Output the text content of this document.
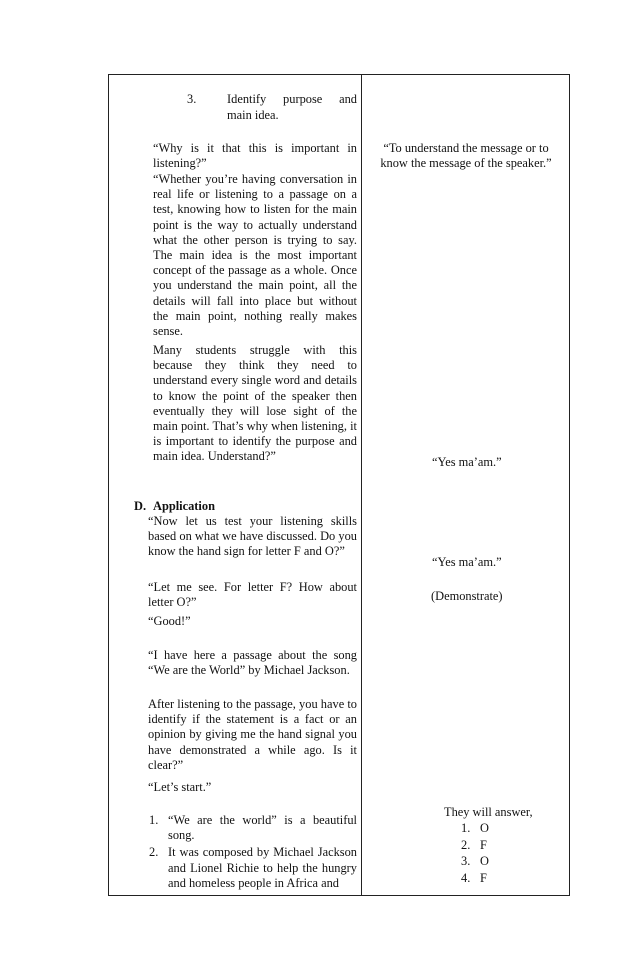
3. Identify purpose and
main idea.
“Why is it that this is important in listening?”
“Whether you’re having conversation in real life or listening to a passage on a test, knowing how to listen for the main point is the way to actually understand what the other person is trying to say. The main idea is the most important concept of the passage as a whole. Once you understand the main point, all the details will fall into place but without the main point, nothing really makes sense.
Many students struggle with this because they think they need to understand every single word and details to know the point of the speaker then eventually they will lose sight of the main point. That’s why when listening, it is important to identify the purpose and main idea. Understand?”
D. Application
“Now let us test your listening skills based on what we have discussed. Do you know the hand sign for letter F and O?”
“Let me see. For letter F? How about letter O?”
“Good!”
“I have here a passage about the song “We are the World” by Michael Jackson.
After listening to the passage, you have to identify if the statement is a fact or an opinion by giving me the hand signal you have demonstrated a while ago. Is it clear?”
“Let’s start.”
1. “We are the world” is a beautiful song.
2. It was composed by Michael Jackson and Lionel Richie to help the hungry and homeless people in Africa and
“To understand the message or to know the message of the speaker.”
“Yes ma’am.”
“Yes ma’am.”
(Demonstrate)
They will answer,
1. O
2. F
3. O
4. F
